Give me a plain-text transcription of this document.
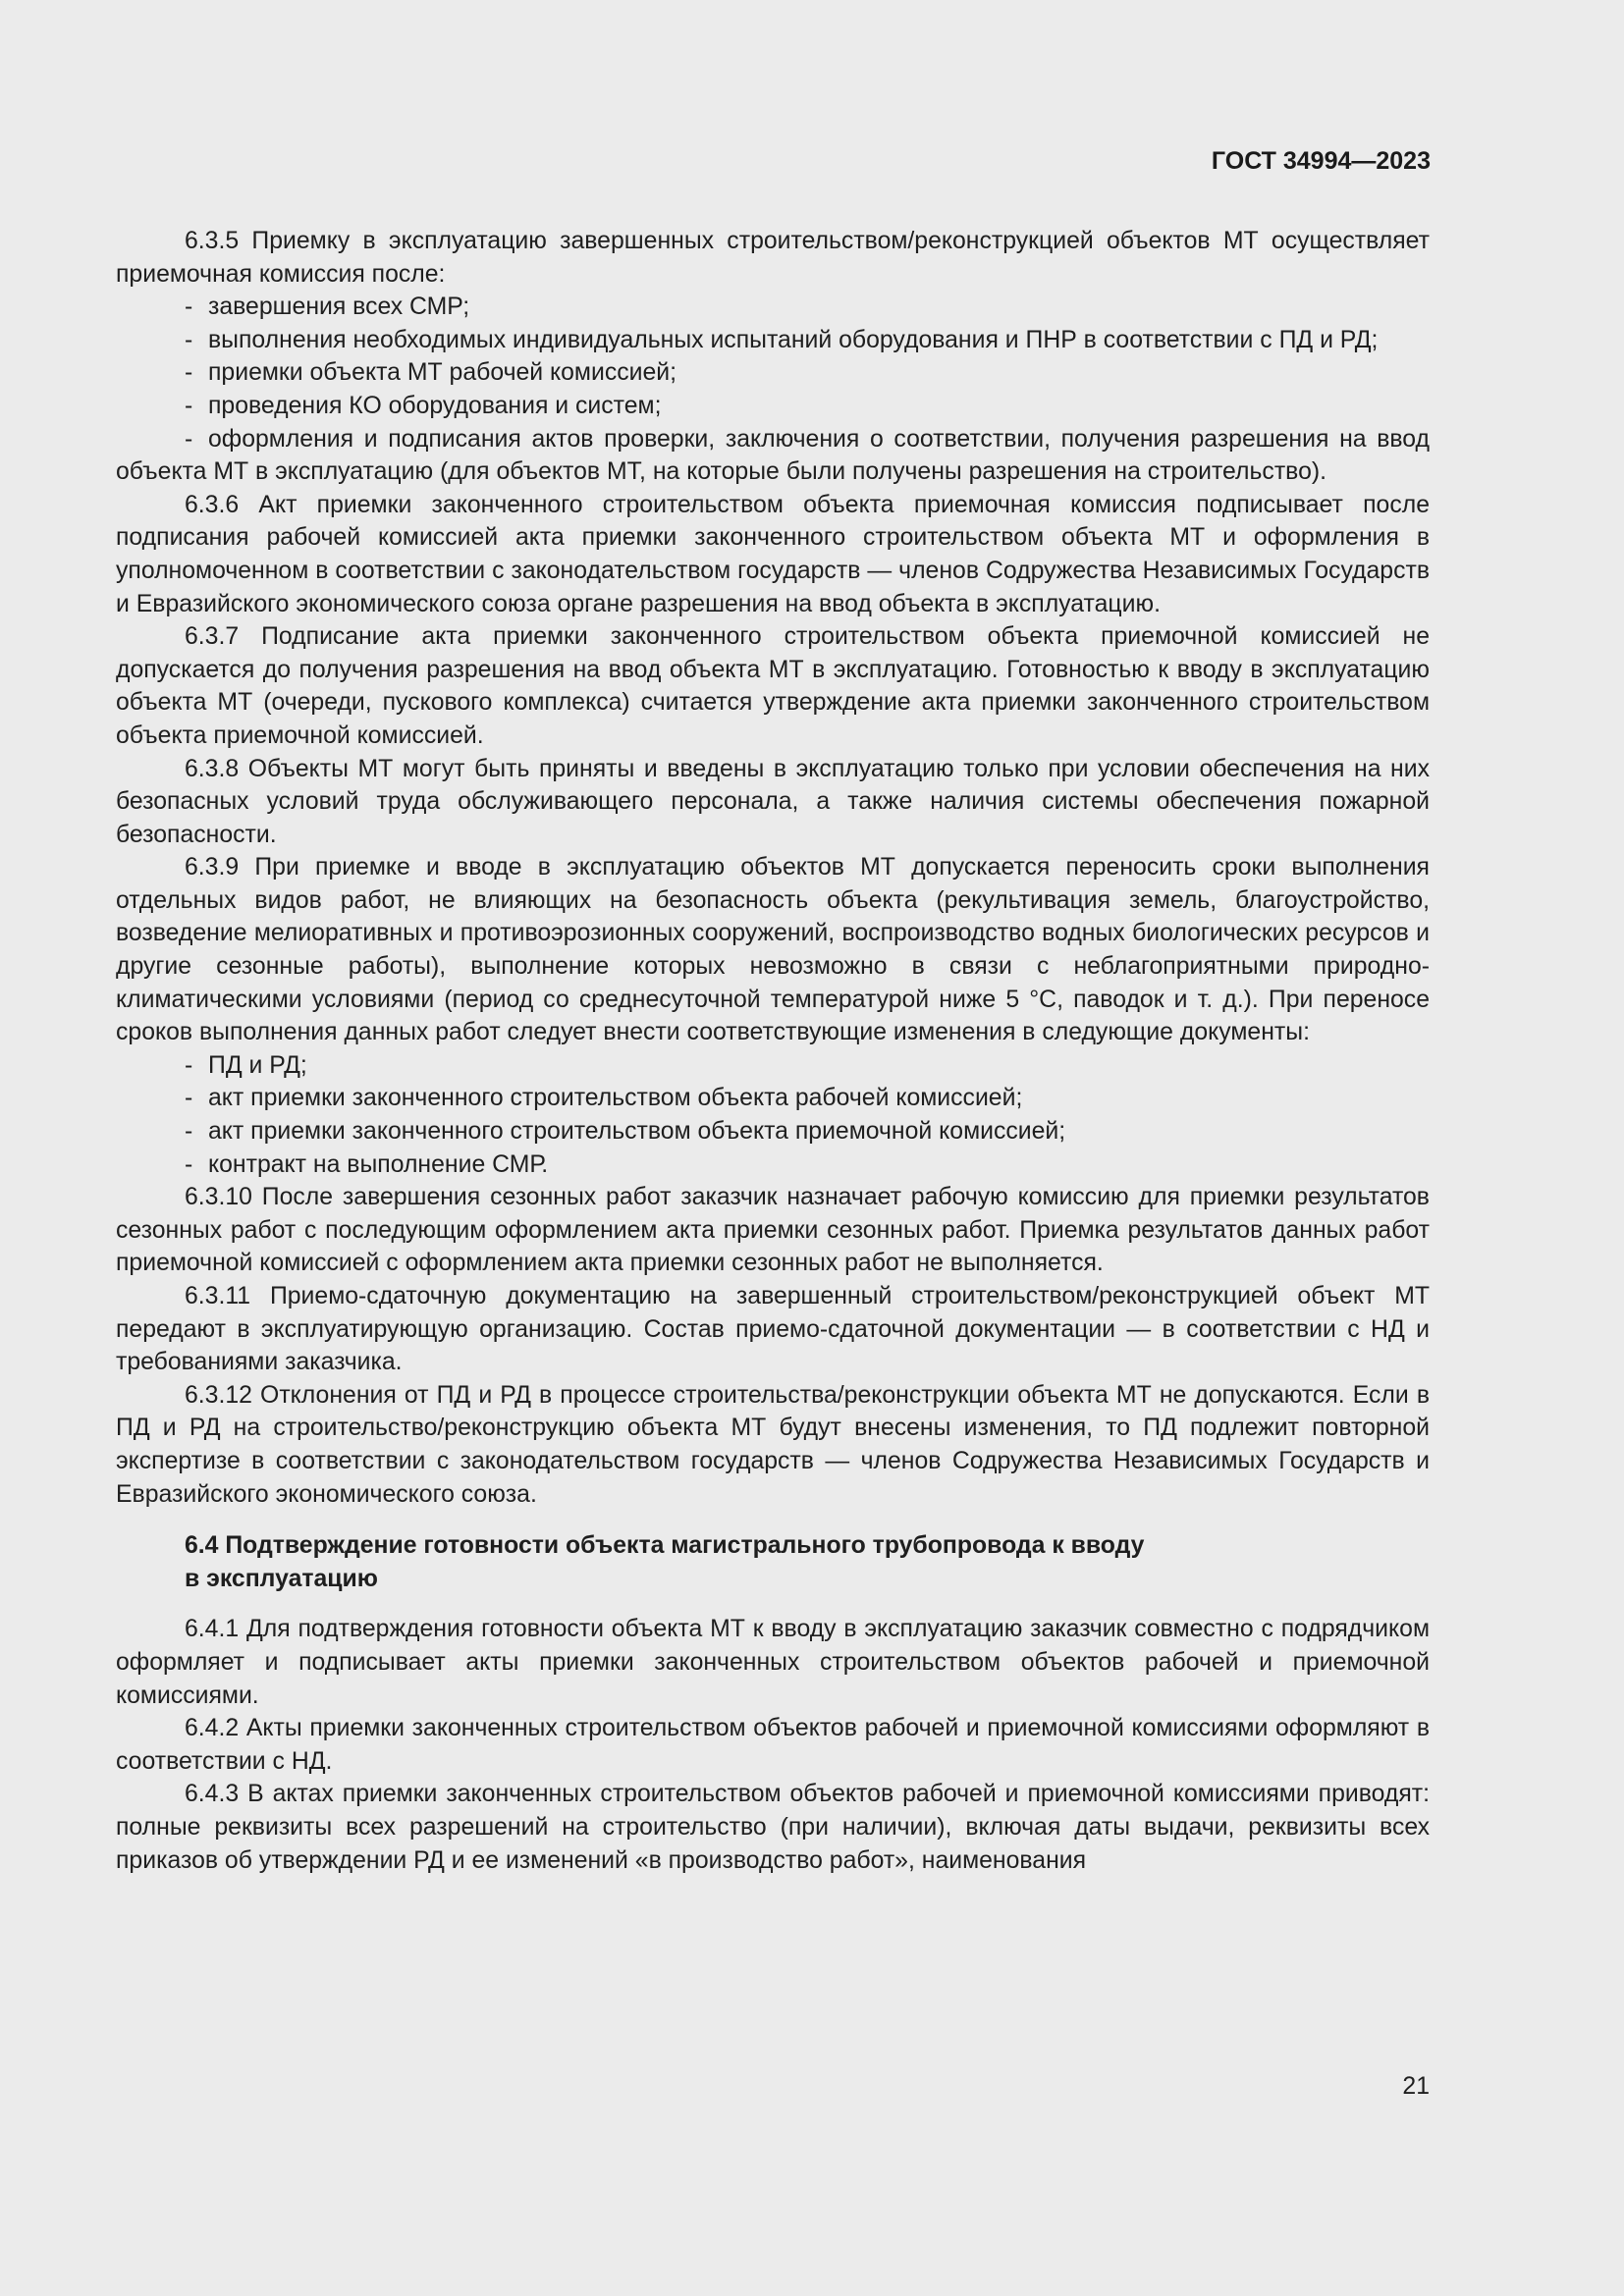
ГОСТ 34994—2023

6.3.5 Приемку в эксплуатацию завершенных строительством/реконструкцией объектов МТ осуществляет приемочная комиссия после:

- завершения всех СМР;

- выполнения необходимых индивидуальных испытаний оборудования и ПНР в соответствии с ПД и РД;

- приемки объекта МТ рабочей комиссией;

- проведения КО оборудования и систем;

- оформления и подписания актов проверки, заключения о соответствии, получения разрешения на ввод объекта МТ в эксплуатацию (для объектов МТ, на которые были получены разрешения на строительство).

6.3.6 Акт приемки законченного строительством объекта приемочная комиссия подписывает после подписания рабочей комиссией акта приемки законченного строительством объекта МТ и оформления в уполномоченном в соответствии с законодательством государств — членов Содружества Независимых Государств и Евразийского экономического союза органе разрешения на ввод объекта в эксплуатацию.

6.3.7 Подписание акта приемки законченного строительством объекта приемочной комиссией не допускается до получения разрешения на ввод объекта МТ в эксплуатацию. Готовностью к вводу в эксплуатацию объекта МТ (очереди, пускового комплекса) считается утверждение акта приемки законченного строительством объекта приемочной комиссией.

6.3.8 Объекты МТ могут быть приняты и введены в эксплуатацию только при условии обеспечения на них безопасных условий труда обслуживающего персонала, а также наличия системы обеспечения пожарной безопасности.

6.3.9 При приемке и вводе в эксплуатацию объектов МТ допускается переносить сроки выполнения отдельных видов работ, не влияющих на безопасность объекта (рекультивация земель, благоустройство, возведение мелиоративных и противоэрозионных сооружений, воспроизводство водных биологических ресурсов и другие сезонные работы), выполнение которых невозможно в связи с неблагоприятными природно-климатическими условиями (период со среднесуточной температурой ниже 5 °С, паводок и т. д.). При переносе сроков выполнения данных работ следует внести соответствующие изменения в следующие документы:

- ПД и РД;

- акт приемки законченного строительством объекта рабочей комиссией;

- акт приемки законченного строительством объекта приемочной комиссией;

- контракт на выполнение СМР.

6.3.10 После завершения сезонных работ заказчик назначает рабочую комиссию для приемки результатов сезонных работ с последующим оформлением акта приемки сезонных работ. Приемка результатов данных работ приемочной комиссией с оформлением акта приемки сезонных работ не выполняется.

6.3.11 Приемо-сдаточную документацию на завершенный строительством/реконструкцией объект МТ передают в эксплуатирующую организацию. Состав приемо-сдаточной документации — в соответствии с НД и требованиями заказчика.

6.3.12 Отклонения от ПД и РД в процессе строительства/реконструкции объекта МТ не допускаются. Если в ПД и РД на строительство/реконструкцию объекта МТ будут внесены изменения, то ПД подлежит повторной экспертизе в соответствии с законодательством государств — членов Содружества Независимых Государств и Евразийского экономического союза.

6.4 Подтверждение готовности объекта магистрального трубопровода к вводу
в эксплуатацию

6.4.1 Для подтверждения готовности объекта МТ к вводу в эксплуатацию заказчик совместно с подрядчиком оформляет и подписывает акты приемки законченных строительством объектов рабочей и приемочной комиссиями.

6.4.2 Акты приемки законченных строительством объектов рабочей и приемочной комиссиями оформляют в соответствии с НД.

6.4.3 В актах приемки законченных строительством объектов рабочей и приемочной комиссиями приводят: полные реквизиты всех разрешений на строительство (при наличии), включая даты выдачи, реквизиты всех приказов об утверждении РД и ее изменений «в производство работ», наименования

21
